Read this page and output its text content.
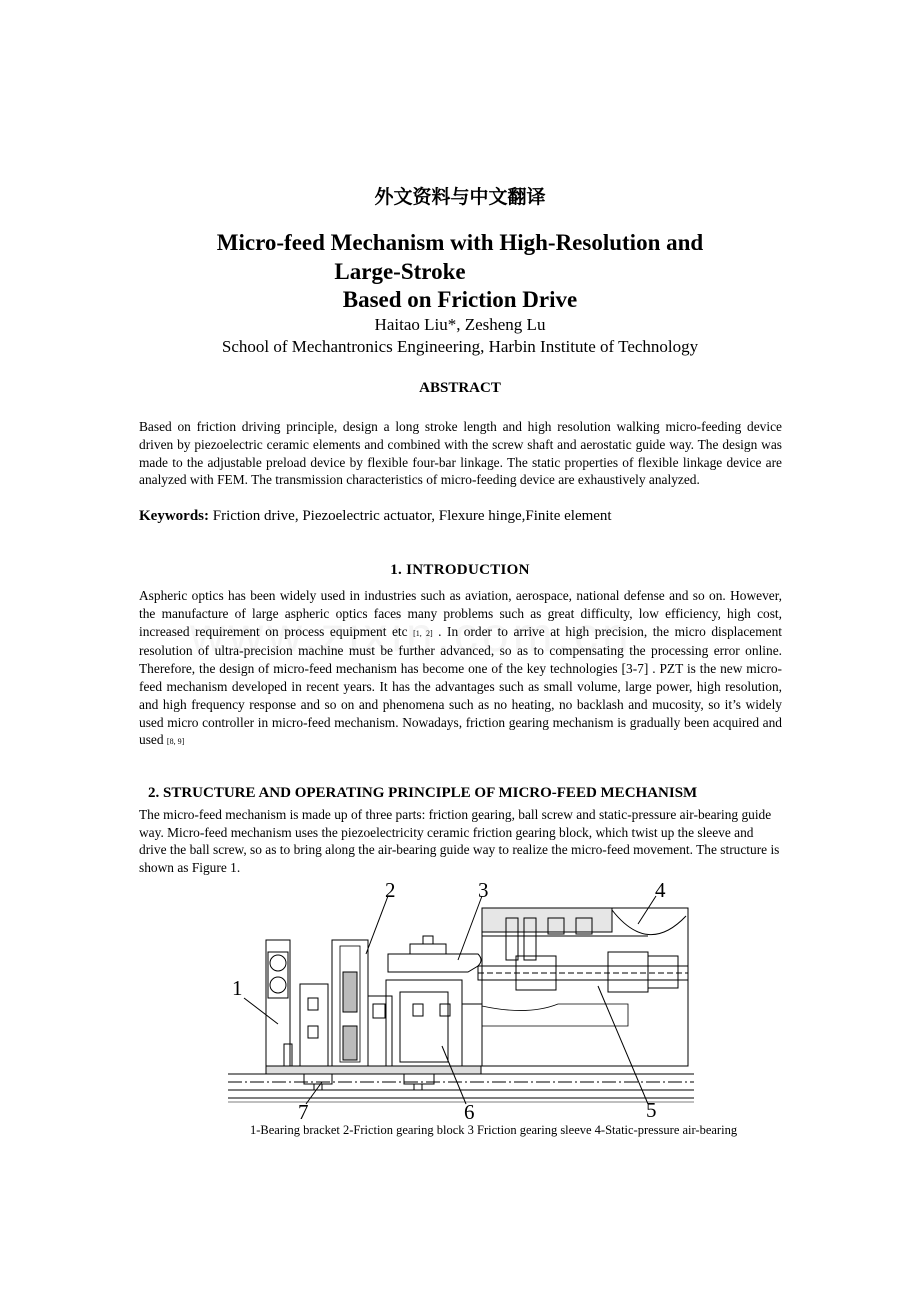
外文资料与中文翻译
Micro-feed Mechanism with High-Resolution and

Large-Stroke
Based on Friction Drive
Haitao Liu*, Zesheng Lu
School of Mechantronics Engineering, Harbin Institute of Technology
ABSTRACT
Based on friction driving principle, design a long stroke length and high resolution walking micro-feeding device driven by piezoelectric ceramic elements and combined with the screw shaft and aerostatic guide way. The design was made to the adjustable preload device by flexible four-bar linkage. The static properties of flexible linkage device are analyzed with FEM. The transmission characteristics of micro-feeding device are exhaustively analyzed.
Keywords: Friction drive, Piezoelectric actuator, Flexure hinge,Finite element
1. INTRODUCTION
Aspheric optics has been widely used in industries such as aviation, aerospace, national defense and so on. However, the manufacture of large aspheric optics faces many problems such as great difficulty, low efficiency, high cost, increased requirement on process equipment etc [1, 2] . In order to arrive at high precision, the micro displacement resolution of ultra-precision machine must be further advanced, so as to compensating the processing error online. Therefore, the design of micro-feed mechanism has become one of the key technologies [3-7] . PZT is the new micro-feed mechanism developed in recent years. It has the advantages such as small volume, large power, high resolution, and high frequency response and so on and phenomena such as no heating, no backlash and mucosity, so it’s widely used micro controller in micro-feed mechanism. Nowadays, friction gearing mechanism is gradually been acquired and used [8, 9]
2. STRUCTURE AND OPERATING PRINCIPLE OF MICRO-FEED MECHANISM
The micro-feed mechanism is made up of three parts: friction gearing, ball screw and static-pressure air-bearing guide way. Micro-feed mechanism uses the piezoelectricity ceramic friction gearing block, which twist up the sleeve and drive the ball screw, so as to bring along the air-bearing guide way to realize the micro-feed movement. The structure is shown as Figure 1.
1
2	3	4
5
6
7
1-Bearing bracket 2-Friction gearing block 3 Friction gearing sleeve 4-Static-pressure air-bearing
